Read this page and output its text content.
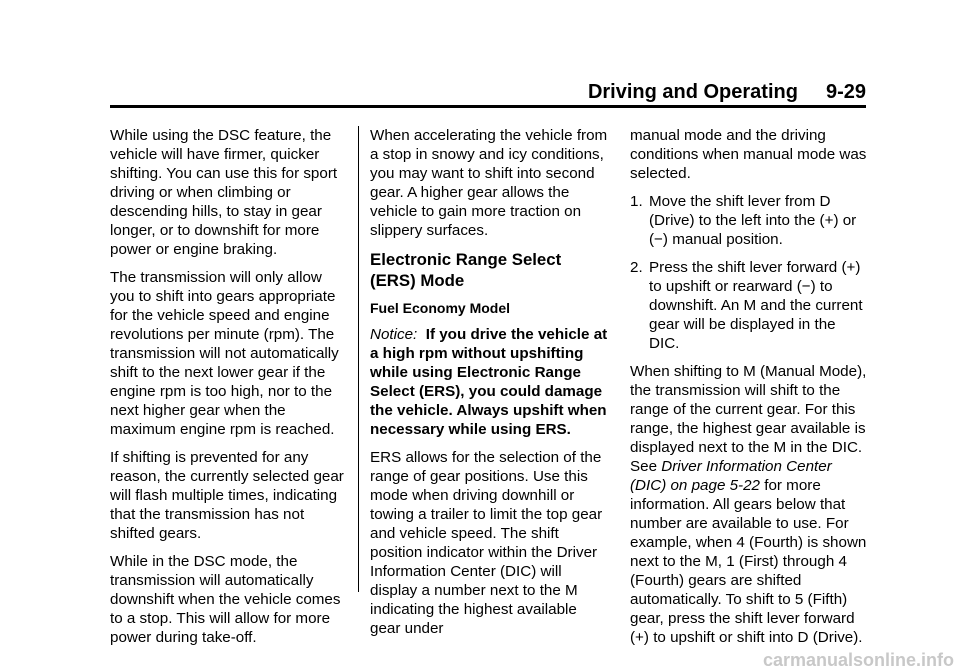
Driving and Operating 9-29

While using the DSC feature, the vehicle will have firmer, quicker shifting. You can use this for sport driving or when climbing or descending hills, to stay in gear longer, or to downshift for more power or engine braking.

The transmission will only allow you to shift into gears appropriate for the vehicle speed and engine revolutions per minute (rpm). The transmission will not automatically shift to the next lower gear if the engine rpm is too high, nor to the next higher gear when the maximum engine rpm is reached.

If shifting is prevented for any reason, the currently selected gear will flash multiple times, indicating that the transmission has not shifted gears.

While in the DSC mode, the transmission will automatically downshift when the vehicle comes to a stop. This will allow for more power during take-off.

When accelerating the vehicle from a stop in snowy and icy conditions, you may want to shift into second gear. A higher gear allows the vehicle to gain more traction on slippery surfaces.

Electronic Range Select (ERS) Mode
Fuel Economy Model

Notice: If you drive the vehicle at a high rpm without upshifting while using Electronic Range Select (ERS), you could damage the vehicle. Always upshift when necessary while using ERS.

ERS allows for the selection of the range of gear positions. Use this mode when driving downhill or towing a trailer to limit the top gear and vehicle speed. The shift position indicator within the Driver Information Center (DIC) will display a number next to the M indicating the highest available gear under

manual mode and the driving conditions when manual mode was selected.

1. Move the shift lever from D (Drive) to the left into the (+) or (−) manual position.
2. Press the shift lever forward (+) to upshift or rearward (−) to downshift. An M and the current gear will be displayed in the DIC.

When shifting to M (Manual Mode), the transmission will shift to the range of the current gear. For this range, the highest gear available is displayed next to the M in the DIC. See Driver Information Center (DIC) on page 5-22 for more information. All gears below that number are available to use. For example, when 4 (Fourth) is shown next to the M, 1 (First) through 4 (Fourth) gears are shifted automatically. To shift to 5 (Fifth) gear, press the shift lever forward (+) to upshift or shift into D (Drive).

carmanualsonline.info
